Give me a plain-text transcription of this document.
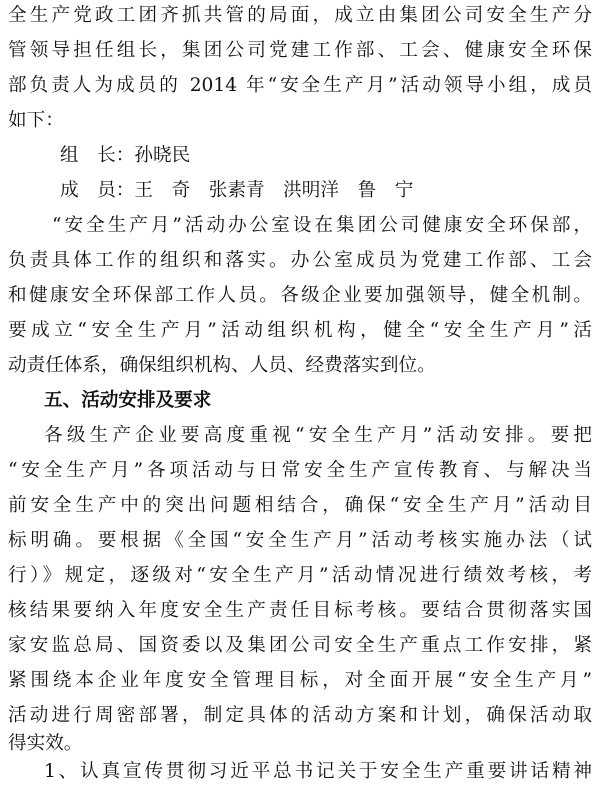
全生产党政工团齐抓共管的局面，成立由集团公司安全生产分
管领导担任组长，集团公司党建工作部、工会、健康安全环保
部负责人为成员的 2014 年“安全生产月”活动领导小组，成员
如下：
组　长：孙晓民
成　员：王　奇　张素青　洪明洋　鲁　宁
“安全生产月”活动办公室设在集团公司健康安全环保部，
负责具体工作的组织和落实。办公室成员为党建工作部、工会
和健康安全环保部工作人员。各级企业要加强领导，健全机制。
要成立“安全生产月”活动组织机构，健全“安全生产月”活
动责任体系，确保组织机构、人员、经费落实到位。
五、活动安排及要求
各级生产企业要高度重视“安全生产月”活动安排。要把
“安全生产月”各项活动与日常安全生产宣传教育、与解决当
前安全生产中的突出问题相结合，确保“安全生产月”活动目
标明确。要根据《全国“安全生产月”活动考核实施办法（试
行）》规定，逐级对“安全生产月”活动情况进行绩效考核，考
核结果要纳入年度安全生产责任目标考核。要结合贯彻落实国
家安监总局、国资委以及集团公司安全生产重点工作安排，紧
紧围绕本企业年度安全管理目标，对全面开展“安全生产月”
活动进行周密部署，制定具体的活动方案和计划，确保活动取
得实效。
1、认真宣传贯彻习近平总书记关于安全生产重要讲话精神
